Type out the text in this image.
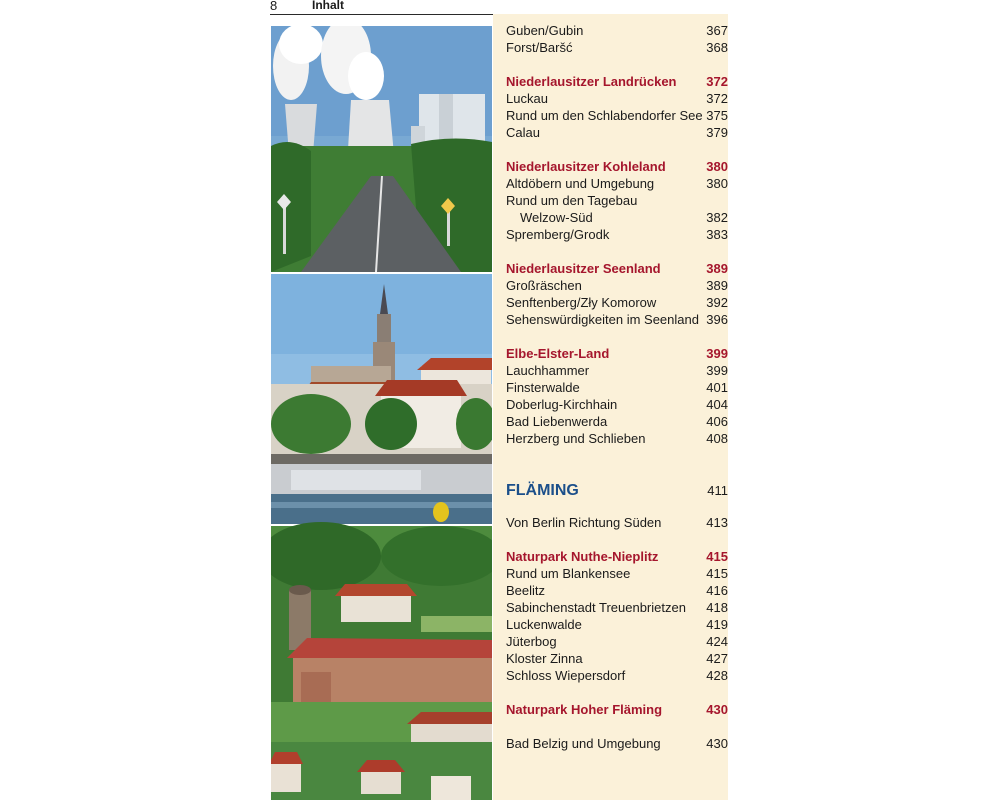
8	Inhalt
Guben/Gubin	367
Forst/Baršć	368
Niederlausitzer Landrücken 372
Luckau	372
Rund um den Schlabendorfer See 375
Calau	379
Niederlausitzer Kohleland	380
Altdöbern und Umgebung	380
Rund um den Tagebau
Welzow-Süd	382
Spremberg/Grodk	383
Niederlausitzer Seenland	389
Großräschen	389
Senftenberg/Zły Komorow	392
Sehenswürdigkeiten im Seenland 396
Elbe-Elster-Land	399
Lauchhammer	399
Finsterwalde	401
Doberlug-Kirchhain	404
Bad Liebenwerda	406
Herzberg und Schlieben	408
FLÄMING	411
Von Berlin Richtung Süden	413
Naturpark Nuthe-Nieplitz	415
Rund um Blankensee	415
Beelitz	416
Sabinchenstadt Treuenbrietzen 418
Luckenwalde	419
Jüterbog	424
Kloster Zinna	427
Schloss Wiepersdorf	428
Naturpark Hoher Fläming	430
Bad Belzig und Umgebung	430
